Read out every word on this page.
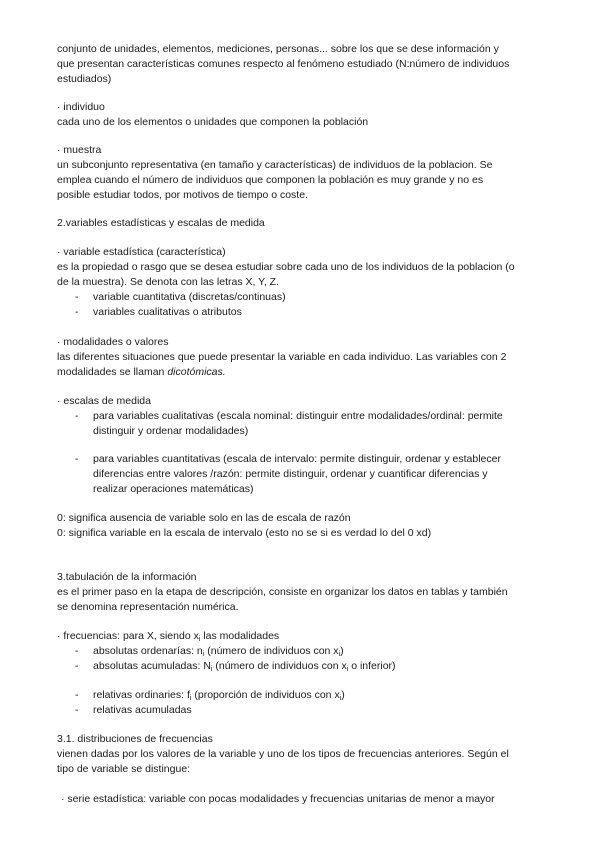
conjunto de unidades, elementos, mediciones, personas... sobre los que se dese información y
que presentan características comunes respecto al fenómeno estudiado (N:número de individuos
estudiados)
· individuo
cada uno de los elementos o unidades que componen la población
· muestra
un subconjunto representativa (en tamaño y características) de individuos de la poblacion. Se
emplea cuando el número de individuos que componen la población es muy grande y no es
posible estudiar todos, por motivos de tiempo o coste.
2.variables estadísticas y escalas de medida
· variable estadística (característica)
es la propiedad o rasgo que se desea estudiar sobre cada uno de los individuos de la poblacion (o
de la muestra). Se denota con las letras X, Y, Z.
- variable cuantitativa (discretas/continuas)
- variables cualitativas o atributos
· modalidades o valores
las diferentes situaciones que puede presentar la variable en cada individuo. Las variables con 2
modalidades se llaman dicotómicas.
· escalas de medida
- para variables cualitativas (escala nominal: distinguir entre modalidades/ordinal: permite
distinguir y ordenar modalidades)
- para variables cuantitativas (escala de intervalo: permite distinguir, ordenar y establecer
diferencias entre valores /razón: permite distinguir, ordenar y cuantificar diferencias y
realizar operaciones matemáticas)
0: significa ausencia de variable solo en las de escala de razón
0: significa variable en la escala de intervalo (esto no se si es verdad lo del 0 xd)
3.tabulación de la información
es el primer paso en la etapa de descripción, consiste en organizar los datos en tablas y también
se denomina representación numérica.
· frecuencias: para X, siendo $x_i$ las modalidades
- absolutas ordenarías: $n_i$ (número de individuos con $x_i$)
- absolutas acumuladas: $N_i$ (número de individuos con $x_i$ o inferior)
- relativas ordinaries: $f_i$ (proporción de individuos con $x_i$)
- relativas acumuladas
3.1. distribuciones de frecuencias
vienen dadas por los valores de la variable y uno de los tipos de frecuencias anteriores. Según el
tipo de variable se distingue:
· serie estadística: variable con pocas modalidades y frecuencias unitarias de menor a mayor
